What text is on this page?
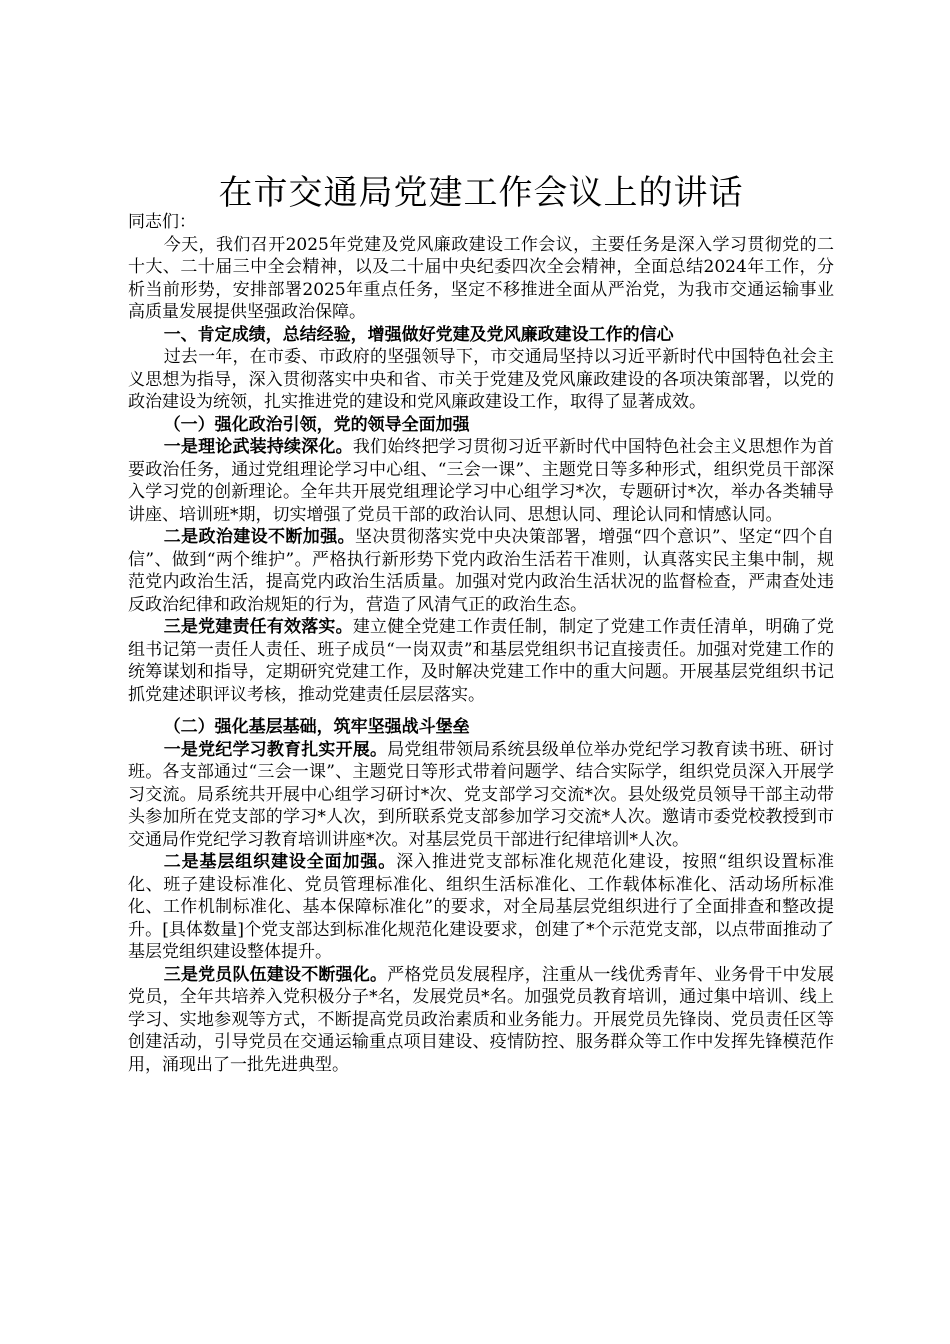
在市交通局党建工作会议上的讲话

同志们：

今天，我们召开2025年党建及党风廉政建设工作会议，主要任务是深入学习贯彻党的二十大、二十届三中全会精神，以及二十届中央纪委四次全会精神，全面总结2024年工作，分析当前形势，安排部署2025年重点任务，坚定不移推进全面从严治党，为我市交通运输事业高质量发展提供坚强政治保障。

一、肯定成绩，总结经验，增强做好党建及党风廉政建设工作的信心

过去一年，在市委、市政府的坚强领导下，市交通局坚持以习近平新时代中国特色社会主义思想为指导，深入贯彻落实中央和省、市关于党建及党风廉政建设的各项决策部署，以党的政治建设为统领，扎实推进党的建设和党风廉政建设工作，取得了显著成效。

（一）强化政治引领，党的领导全面加强

一是理论武装持续深化。我们始终把学习贯彻习近平新时代中国特色社会主义思想作为首要政治任务，通过党组理论学习中心组、“三会一课”、主题党日等多种形式，组织党员干部深入学习党的创新理论。全年共开展党组理论学习中心组学习*次，专题研讨*次，举办各类辅导讲座、培训班*期，切实增强了党员干部的政治认同、思想认同、理论认同和情感认同。

二是政治建设不断加强。坚决贯彻落实党中央决策部署，增强“四个意识”、坚定“四个自信”、做到“两个维护”。严格执行新形势下党内政治生活若干准则，认真落实民主集中制，规范党内政治生活，提高党内政治生活质量。加强对党内政治生活状况的监督检查，严肃查处违反政治纪律和政治规矩的行为，营造了风清气正的政治生态。

三是党建责任有效落实。建立健全党建工作责任制，制定了党建工作责任清单，明确了党组书记第一责任人责任、班子成员“一岗双责”和基层党组织书记直接责任。加强对党建工作的统筹谋划和指导，定期研究党建工作，及时解决党建工作中的重大问题。开展基层党组织书记抓党建述职评议考核，推动党建责任层层落实。

（二）强化基层基础，筑牢坚强战斗堡垒

一是党纪学习教育扎实开展。局党组带领局系统县级单位举办党纪学习教育读书班、研讨班。各支部通过“三会一课”、主题党日等形式带着问题学、结合实际学，组织党员深入开展学习交流。局系统共开展中心组学习研讨*次、党支部学习交流*次。县处级党员领导干部主动带头参加所在党支部的学习*人次，到所联系党支部参加学习交流*人次。邀请市委党校教授到市交通局作党纪学习教育培训讲座*次。对基层党员干部进行纪律培训*人次。

二是基层组织建设全面加强。深入推进党支部标准化规范化建设，按照“组织设置标准化、班子建设标准化、党员管理标准化、组织生活标准化、工作载体标准化、活动场所标准化、工作机制标准化、基本保障标准化”的要求，对全局基层党组织进行了全面排查和整改提升。[具体数量]个党支部达到标准化规范化建设要求，创建了*个示范党支部，以点带面推动了基层党组织建设整体提升。

三是党员队伍建设不断强化。严格党员发展程序，注重从一线优秀青年、业务骨干中发展党员，全年共培养入党积极分子*名，发展党员*名。加强党员教育培训，通过集中培训、线上学习、实地参观等方式，不断提高党员政治素质和业务能力。开展党员先锋岗、党员责任区等创建活动，引导党员在交通运输重点项目建设、疫情防控、服务群众等工作中发挥先锋模范作用，涌现出了一批先进典型。
